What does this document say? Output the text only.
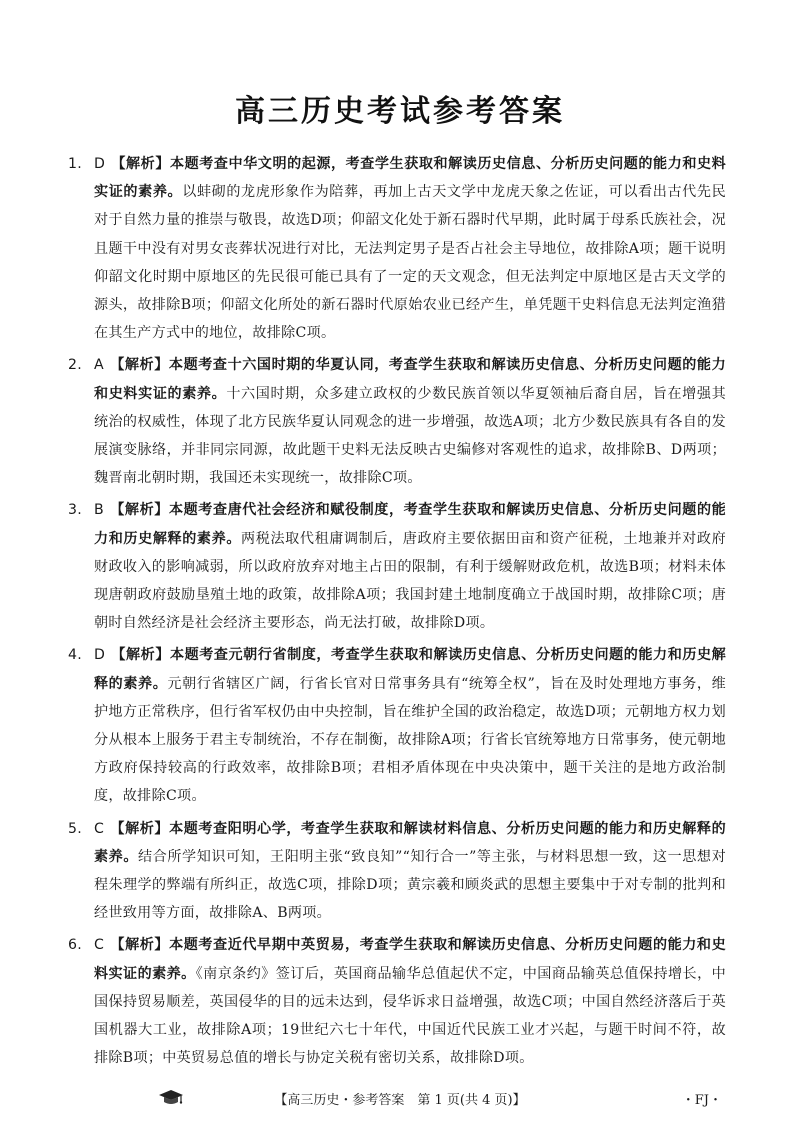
高三历史考试参考答案
1. D 【解析】本题考查中华文明的起源，考查学生获取和解读历史信息、分析历史问题的能力和史料实证的素养。以蚌砌的龙虎形象作为陪葬，再加上古天文学中龙虎天象之佐证，可以看出古代先民对于自然力量的推崇与敬畏，故选D项；仰韶文化处于新石器时代早期，此时属于母系氏族社会，况且题干中没有对男女丧葬状况进行对比，无法判定男子是否占社会主导地位，故排除A项；题干说明仰韶文化时期中原地区的先民很可能已具有了一定的天文观念，但无法判定中原地区是古天文学的源头，故排除B项；仰韶文化所处的新石器时代原始农业已经产生，单凭题干史料信息无法判定渔猎在其生产方式中的地位，故排除C项。
2. A 【解析】本题考查十六国时期的华夏认同，考查学生获取和解读历史信息、分析历史问题的能力和史料实证的素养。十六国时期，众多建立政权的少数民族首领以华夏领袖后裔自居，旨在增强其统治的权威性，体现了北方民族华夏认同观念的进一步增强，故选A项；北方少数民族具有各自的发展演变脉络，并非同宗同源，故此题干史料无法反映古史编修对客观性的追求，故排除B、D两项；魏晋南北朝时期，我国还未实现统一，故排除C项。
3. B 【解析】本题考查唐代社会经济和赋役制度，考查学生获取和解读历史信息、分析历史问题的能力和历史解释的素养。两税法取代租庸调制后，唐政府主要依据田亩和资产征税，土地兼并对政府财政收入的影响减弱，所以政府放弃对地主占田的限制，有利于缓解财政危机，故选B项；材料未体现唐朝政府鼓励垦殖土地的政策，故排除A项；我国封建土地制度确立于战国时期，故排除C项；唐朝时自然经济是社会经济主要形态，尚无法打破，故排除D项。
4. D 【解析】本题考查元朝行省制度，考查学生获取和解读历史信息、分析历史问题的能力和历史解释的素养。元朝行省辖区广阔，行省长官对日常事务具有“统筹全权”，旨在及时处理地方事务，维护地方正常秩序，但行省军权仍由中央控制，旨在维护全国的政治稳定，故选D项；元朝地方权力划分从根本上服务于君主专制统治，不存在制衡，故排除A项；行省长官统筹地方日常事务，使元朝地方政府保持较高的行政效率，故排除B项；君相矛盾体现在中央决策中，题干关注的是地方政治制度，故排除C项。
5. C 【解析】本题考查阳明心学，考查学生获取和解读材料信息、分析历史问题的能力和历史解释的素养。结合所学知识可知，王阳明主张“致良知”“知行合一”等主张，与材料思想一致，这一思想对程朱理学的弊端有所纠正，故选C项，排除D项；黄宗羲和顾炎武的思想主要集中于对专制的批判和经世致用等方面，故排除A、B两项。
6. C 【解析】本题考查近代早期中英贸易，考查学生获取和解读历史信息、分析历史问题的能力和史料实证的素养。《南京条约》签订后，英国商品输华总值起伏不定，中国商品输英总值保持增长，中国保持贸易顺差，英国侵华的目的远未达到，侵华诉求日益增强，故选C项；中国自然经济落后于英国机器大工业，故排除A项；19世纪六七十年代，中国近代民族工业才兴起，与题干时间不符，故排除B项；中英贸易总值的增长与协定关税有密切关系，故排除D项。
【高三历史・参考答案　第 1 页(共 4 页)】	・FJ・
